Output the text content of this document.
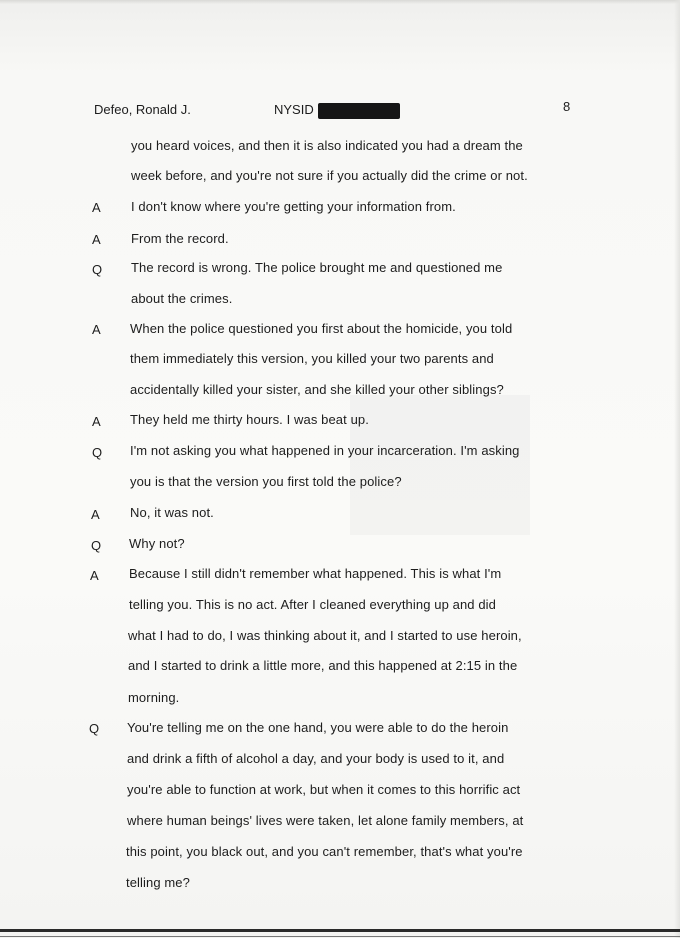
Defeo, Ronald J.	NYSID	8
you heard voices, and then it is also indicated you had a dream the
week before, and you're not sure if you actually did the crime or not.
A I don't know where you're getting your information from.
A From the record.
Q The record is wrong. The police brought me and questioned me
about the crimes.
A When the police questioned you first about the homicide, you told
them immediately this version, you killed your two parents and
accidentally killed your sister, and she killed your other siblings?
A They held me thirty hours. I was beat up.
Q I'm not asking you what happened in your incarceration. I'm asking
you is that the version you first told the police?
A No, it was not.
Q Why not?
A Because I still didn't remember what happened. This is what I'm
telling you. This is no act. After I cleaned everything up and did
what I had to do, I was thinking about it, and I started to use heroin,
and I started to drink a little more, and this happened at 2:15 in the
morning.
Q You're telling me on the one hand, you were able to do the heroin
and drink a fifth of alcohol a day, and your body is used to it, and
you're able to function at work, but when it comes to this horrific act
where human beings' lives were taken, let alone family members, at
this point, you black out, and you can't remember, that's what you're
telling me?
